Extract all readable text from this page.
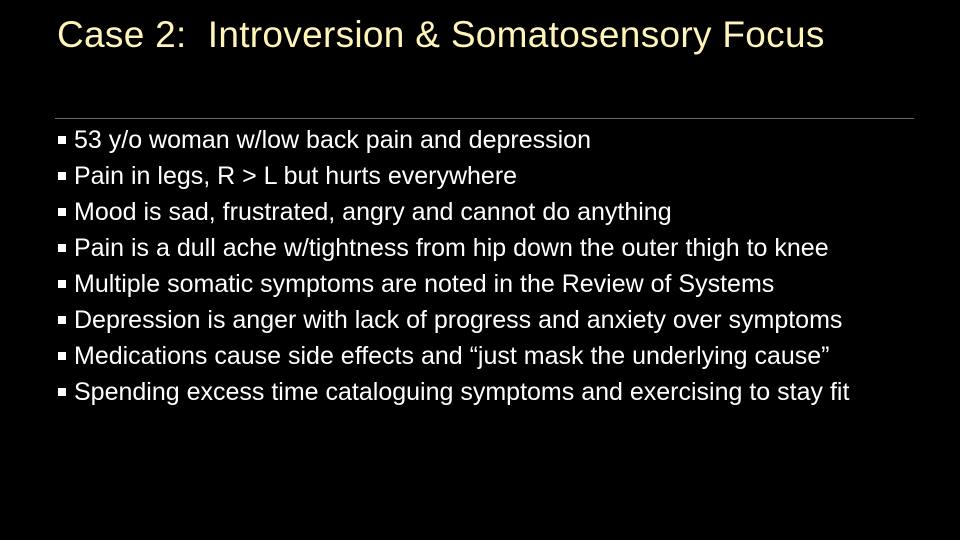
Case 2:  Introversion & Somatosensory Focus
53 y/o woman w/low back pain and depression
Pain in legs, R > L but hurts everywhere
Mood is sad, frustrated, angry and cannot do anything
Pain is a dull ache w/tightness from hip down the outer thigh to knee
Multiple somatic symptoms are noted in the Review of Systems
Depression is anger with lack of progress and anxiety over symptoms
Medications cause side effects and “just mask the underlying cause”
Spending excess time cataloguing symptoms and exercising to stay fit
